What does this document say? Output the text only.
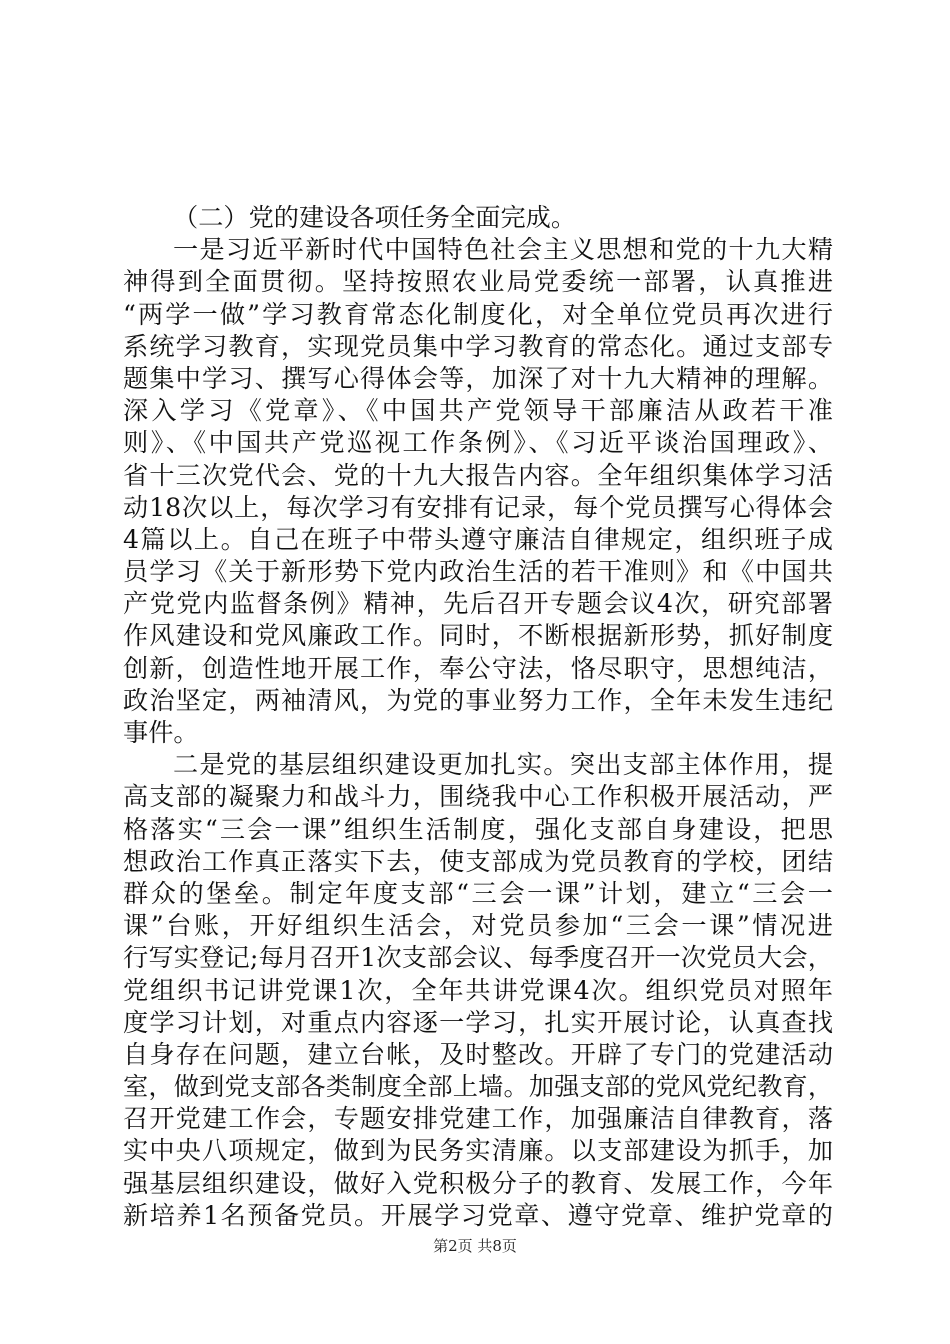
（二）党的建设各项任务全面完成。
一是习近平新时代中国特色社会主义思想和党的十九大精
神得到全面贯彻。坚持按照农业局党委统一部署，认真推进
“两学一做”学习教育常态化制度化，对全单位党员再次进行
系统学习教育，实现党员集中学习教育的常态化。通过支部专
题集中学习、撰写心得体会等，加深了对十九大精神的理解。
深入学习《党章》、《中国共产党领导干部廉洁从政若干准
则》、《中国共产党巡视工作条例》、《习近平谈治国理政》、
省十三次党代会、党的十九大报告内容。全年组织集体学习活
动18次以上，每次学习有安排有记录，每个党员撰写心得体会
4篇以上。自己在班子中带头遵守廉洁自律规定，组织班子成
员学习《关于新形势下党内政治生活的若干准则》和《中国共
产党党内监督条例》精神，先后召开专题会议4次，研究部署
作风建设和党风廉政工作。同时，不断根据新形势，抓好制度
创新，创造性地开展工作，奉公守法，恪尽职守，思想纯洁，
政治坚定，两袖清风，为党的事业努力工作，全年未发生违纪
事件。
二是党的基层组织建设更加扎实。突出支部主体作用，提
高支部的凝聚力和战斗力，围绕我中心工作积极开展活动，严
格落实“三会一课”组织生活制度，强化支部自身建设，把思
想政治工作真正落实下去，使支部成为党员教育的学校，团结
群众的堡垒。制定年度支部“三会一课”计划，建立“三会一
课”台账，开好组织生活会，对党员参加“三会一课”情况进
行写实登记;每月召开1次支部会议、每季度召开一次党员大会，
党组织书记讲党课1次，全年共讲党课4次。组织党员对照年
度学习计划，对重点内容逐一学习，扎实开展讨论，认真查找
自身存在问题，建立台帐，及时整改。开辟了专门的党建活动
室，做到党支部各类制度全部上墙。加强支部的党风党纪教育，
召开党建工作会，专题安排党建工作，加强廉洁自律教育，落
实中央八项规定，做到为民务实清廉。以支部建设为抓手，加
强基层组织建设，做好入党积极分子的教育、发展工作，今年
新培养1名预备党员。开展学习党章、遵守党章、维护党章的
第2页 共8页
